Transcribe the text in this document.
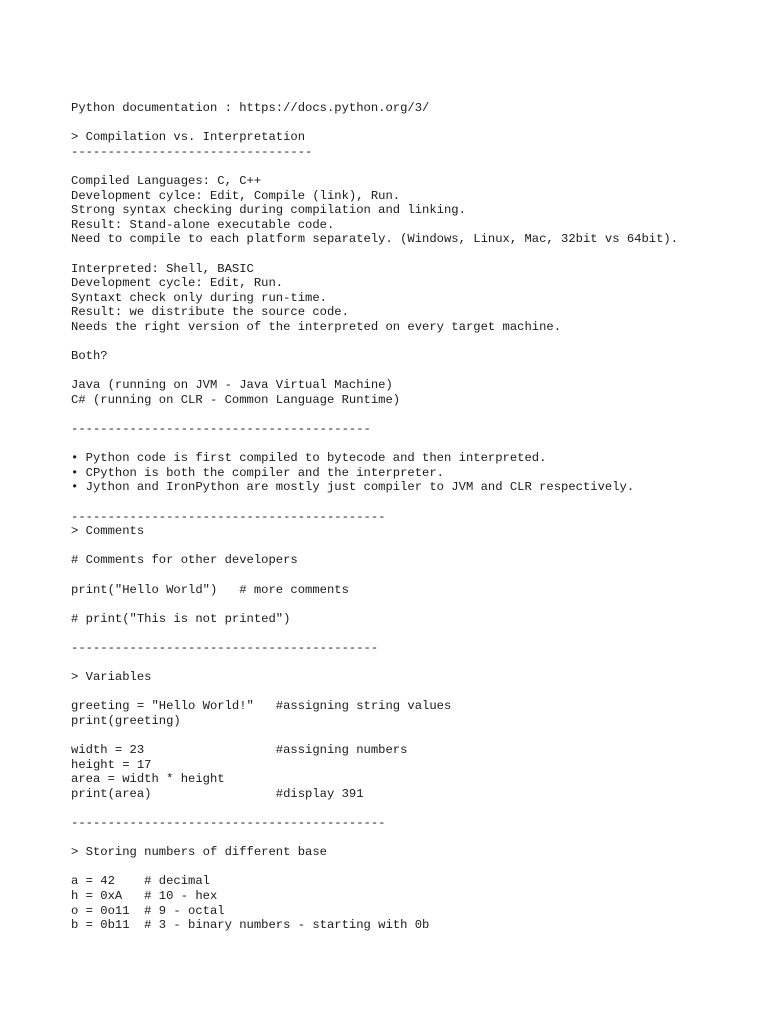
Python documentation : https://docs.python.org/3/
> Compilation vs. Interpretation
---------------------------------
Compiled Languages: C, C++
Development cylce: Edit, Compile (link), Run.
Strong syntax checking during compilation and linking.
Result: Stand-alone executable code.
Need to compile to each platform separately. (Windows, Linux, Mac, 32bit vs 64bit).
Interpreted: Shell, BASIC
Development cycle: Edit, Run.
Syntaxt check only during run-time.
Result: we distribute the source code.
Needs the right version of the interpreted on every target machine.
Both?
Java (running on JVM - Java Virtual Machine)
C# (running on CLR - Common Language Runtime)
-----------------------------------------
• Python code is first compiled to bytecode and then interpreted.
• CPython is both the compiler and the interpreter.
• Jython and IronPython are mostly just compiler to JVM and CLR respectively.
-------------------------------------------
> Comments
# Comments for other developers
print("Hello World")   # more comments
# print("This is not printed")
------------------------------------------
> Variables
greeting = "Hello World!"   #assigning string values
print(greeting)
width = 23                  #assigning numbers
height = 17
area = width * height
print(area)                 #display 391
-------------------------------------------
> Storing numbers of different base
a = 42    # decimal
h = 0xA   # 10 - hex
o = 0o11  # 9 - octal
b = 0b11  # 3 - binary numbers - starting with 0b
